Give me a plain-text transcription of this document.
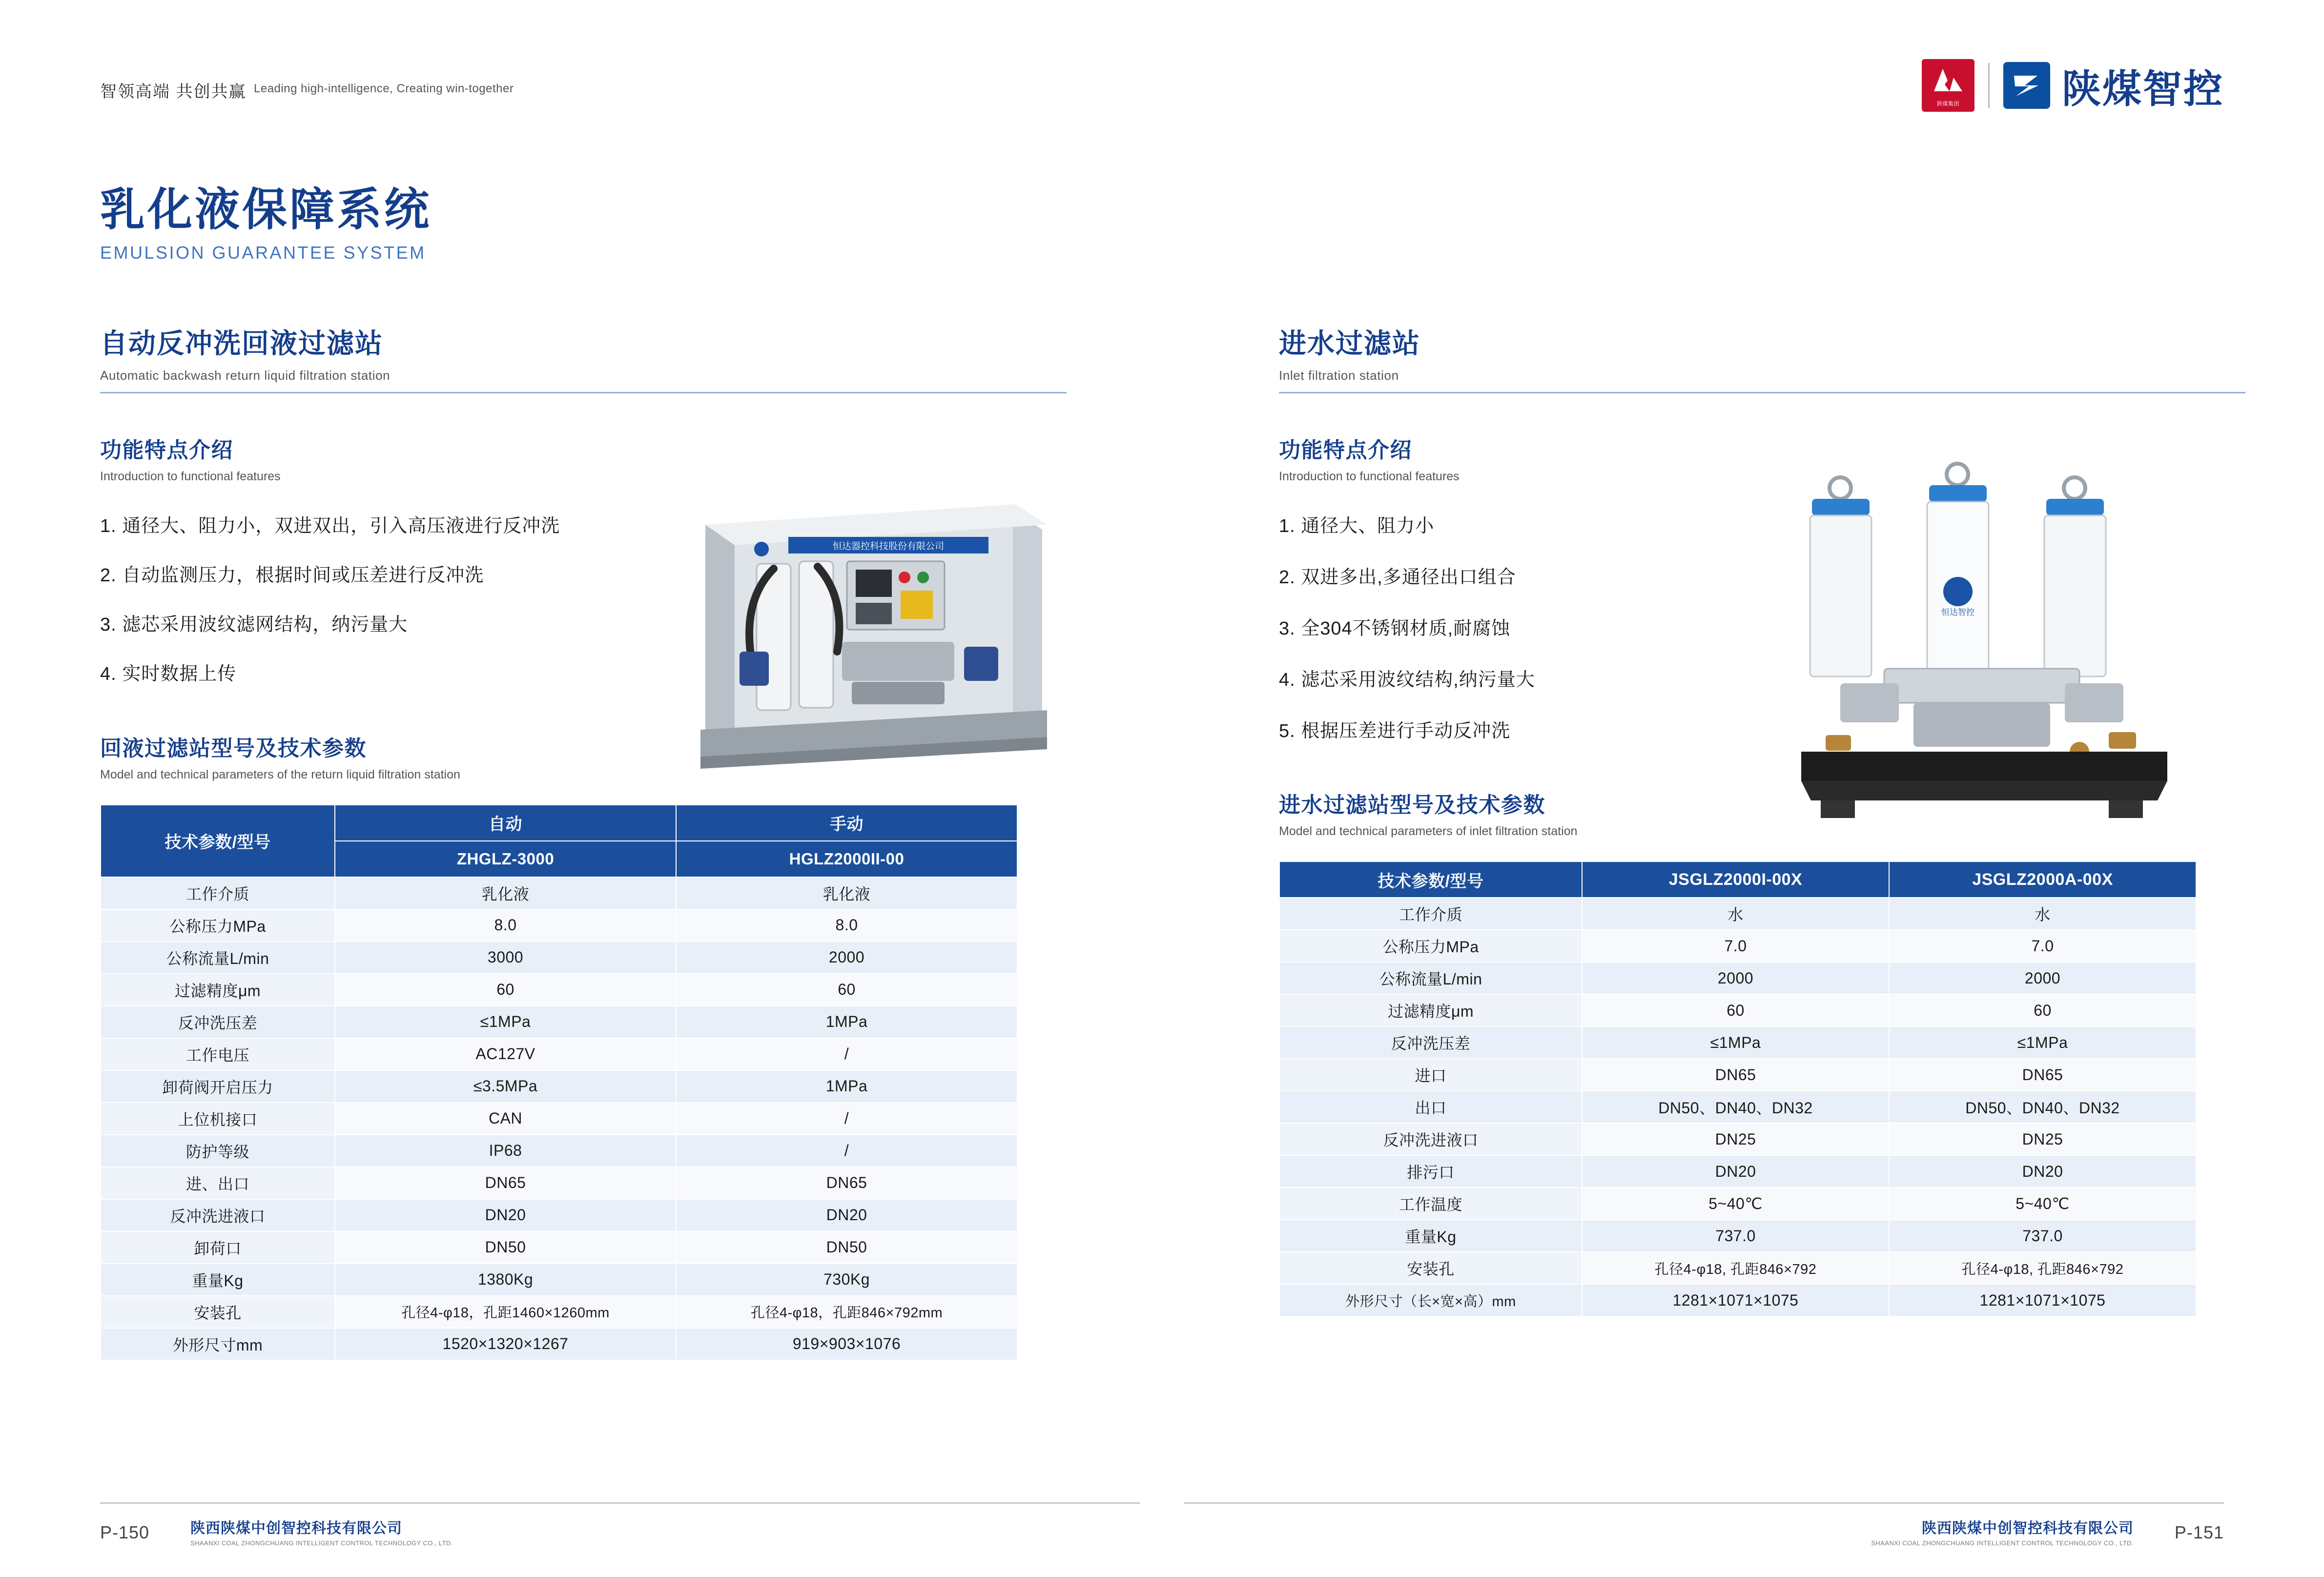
智领高端 共创共赢 Leading high-intelligence, Creating win-together
陕煤集团	陕煤智控
乳化液保障系统
EMULSION GUARANTEE SYSTEM
自动反冲洗回液过滤站
Automatic backwash return liquid filtration station
功能特点介绍
Introduction to functional features
1. 通径大、阻力小，双进双出，引入高压液进行反冲洗
2. 自动监测压力，根据时间或压差进行反冲洗
3. 滤芯采用波纹滤网结构，纳污量大
4. 实时数据上传
恒达器控科技股份有限公司
回液过滤站型号及技术参数
Model and technical parameters of the return liquid filtration station
技术参数/型号	自动	手动
	ZHGLZ-3000	HGLZ2000II-00
工作介质	乳化液	乳化液
公称压力MPa	8.0	8.0
公称流量L/min	3000	2000
过滤精度μm	60	60
反冲洗压差	≤1MPa	1MPa
工作电压	AC127V	/
卸荷阀开启压力	≤3.5MPa	1MPa
上位机接口	CAN	/
防护等级	IP68	/
进、出口	DN65	DN65
反冲洗进液口	DN20	DN20
卸荷口	DN50	DN50
重量Kg	1380Kg	730Kg
安装孔	孔径4-φ18，孔距1460×1260mm	孔径4-φ18，孔距846×792mm
外形尺寸mm	1520×1320×1267	919×903×1076
进水过滤站
Inlet filtration station
功能特点介绍
Introduction to functional features
1. 通径大、阻力小
2. 双进多出,多通径出口组合
3. 全304不锈钢材质,耐腐蚀
4. 滤芯采用波纹结构,纳污量大
5. 根据压差进行手动反冲洗
恒达智控
进水过滤站型号及技术参数
Model and technical parameters of inlet filtration station
技术参数/型号	JSGLZ2000I-00X	JSGLZ2000A-00X
工作介质	水	水
公称压力MPa	7.0	7.0
公称流量L/min	2000	2000
过滤精度μm	60	60
反冲洗压差	≤1MPa	≤1MPa
进口	DN65	DN65
出口	DN50、DN40、DN32	DN50、DN40、DN32
反冲洗进液口	DN25	DN25
排污口	DN20	DN20
工作温度	5~40℃	5~40℃
重量Kg	737.0	737.0
安装孔	孔径4-φ18, 孔距846×792	孔径4-φ18, 孔距846×792
外形尺寸（长×宽×高）mm	1281×1071×1075	1281×1071×1075
P-150	陕西陕煤中创智控科技有限公司
SHAANXI COAL ZHONGCHUANG INTELLIGENT CONTROL TECHNOLOGY CO., LTD.
陕西陕煤中创智控科技有限公司
SHAANXI COAL ZHONGCHUANG INTELLIGENT CONTROL TECHNOLOGY CO., LTD.
P-151
